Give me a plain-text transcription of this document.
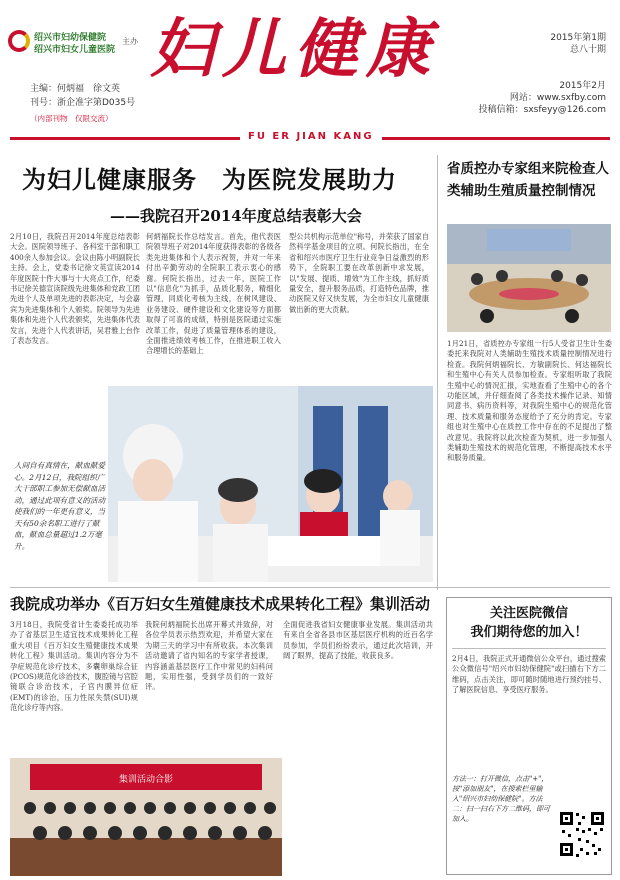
绍兴市妇幼保健院
绍兴市妇女儿童医院
主办 妇儿健康	2015年第1期
总八十期
主编：何炳福　徐文英
刊号：浙企准字第D035号
（内部刊物　仅限交流）
2015年2月
网站：www.sxfby.com
投稿信箱：sxsfeyy@126.com
FU ER JIAN KANG
为妇儿健康服务　为医院发展助力
——我院召开2014年度总结表彰大会
2月10日，我院召开2014年度总结表彰大会。医院领导班子、各科室干部和职工400余人参加会议。会议由陈小明副院长主持。会上，党委书记徐文英宣读2014年度医院十件大事与十大亮点工作，纪委书记徐关德宣读院级先进集体和党政工团先进个人及单项先进的表彰决定，与会嘉宾为先进集体和个人颁奖。院领导为先进集体和先进个人代表颁奖，先进集体代表发言，先进个人代表讲话，吴君雅上台作了表态发言。
何炳福院长作总结发言。首先，他代表医院领导班子对2014年度获得表彰的各级各类先进集体和个人表示祝贺，并对一年来付出辛勤劳动的全院职工表示衷心的感谢。何院长指出，过去一年，医院工作以"信息化"为抓手，品质化服务，精细化管理，同质化考核为主线，在树风建设、业务建设、硬件建设和文化建设等方面都取得了可喜的成绩，特别是医院通过实施改革工作，促进了质量管理体系的建设，全面推进绩效考核工作，在推进职工收入合理增长的基础上
型公共机构示范单位"称号，并荣获了国家自然科学基金项目的立项。何院长指出，在全省和绍兴市医疗卫生行业竞争日益激烈的形势下，全院职工要在改革创新中求发展，以"发展、提质、增效"为工作主线，抓好质量安全，提升服务品质，打造特色品牌，推动医院又好又快发展，为全市妇女儿童健康做出新的更大贡献。
人间自有真情在，献血献爱心。2月12日，我院组织广大干部职工参加无偿献血活动，通过此项有意义的活动使我们的一年更有意义，当天有50余名职工进行了献血，献血总量超过1.2万毫升。
省质控办专家组来院检查人类辅助生殖质量控制情况
1月21日，省质控办专家组一行5人受省卫生计生委委托来我院对人类辅助生殖技术质量控制情况进行检查。我院何炳福院长、方敏副院长、何达福院长和生殖中心有关人员参加检查。专家组听取了我院生殖中心的情况汇报，实地查看了生殖中心的各个功能区域，并仔细查阅了各类技术操作记录、知情同意书、病历资料等，对我院生殖中心的规范化管理、技术质量和服务态度给予了充分的肯定。专家组也对生殖中心在质控工作中存在的不足提出了整改意见。我院将以此次检查为契机，进一步加强人类辅助生殖技术的规范化管理，不断提高技术水平和服务质量。
我院成功举办《百万妇女生殖健康技术成果转化工程》集训活动
3月18日，我院受省计生委委托成功举办了省基层卫生适宜技术成果转化工程重大项目《百万妇女生殖健康技术成果转化工程》集训活动。集训内容分为不孕症规范化诊疗技术，多囊卵巢综合征(PCOS)规范化诊治技术，腹腔镜与宫腔镜联合诊治技术，子宫内膜异位症(EMT)的诊治，压力性尿失禁(SUI)规范化诊疗等内容。
我院何炳福院长出席开幕式并致辞，对各位学员表示热烈欢迎，并希望大家在为期三天的学习中有所收获。本次集训活动邀请了省内知名的专家学者授课，内容涵盖基层医疗工作中常见的妇科问题，实用性强，受到学员们的一致好评。
全面促进我省妇女健康事业发展。集训活动共有来自全省各县市区基层医疗机构的近百名学员参加，学员们纷纷表示，通过此次培训，开阔了眼界，提高了技能，收获良多。
集训活动合影
关注医院微信
我们期待您的加入！
2月4日，我院正式开通微信公众平台，通过搜索公众微信号"绍兴市妇幼保健院"或扫描右下方二维码，点击关注，即可随时随地进行预约挂号、了解医院信息、享受医疗服务。
方法一：打开微信，点击"+"，按"添加朋友"，在搜索栏里输入"绍兴市妇幼保健院"。方法二：扫一扫右下方二维码，即可加入。
